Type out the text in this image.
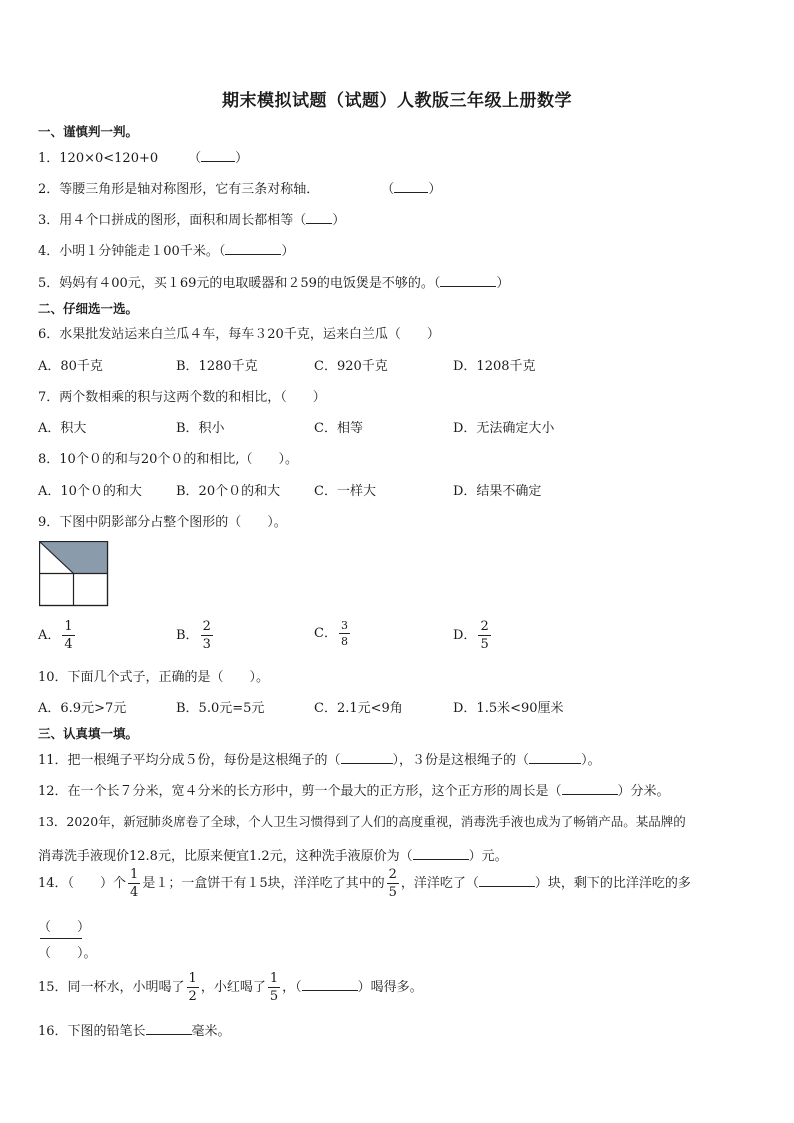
期末模拟试题（试题）人教版三年级上册数学
一、谨慎判一判。
1．120×0<120+0 （	）
2．等腰三角形是轴对称图形，它有三条对称轴．	（	）
3．用４个口拼成的图形，面积和周长都相等（ ）
4．小明１分钟能走１00千米。（	）
5．妈妈有４00元，买１69元的电取暖器和２59的电饭煲是不够的。（	）
二、仔细选一选。
6．水果批发站运来白兰瓜４车，每车３20千克，运来白兰瓜（　　）
A．80千克	B．1280千克	C．920千克	D．1208千克
7．两个数相乘的积与这两个数的和相比，（　　）
A．积大	B．积小	C．相等	D．无法确定大小
8．10个０的和与20个０的和相比,（　　）。
A．10个０的和大	B．20个０的和大	C．一样大	D．结果不确定
9．下图中阴影部分占整个图形的（　　）。
A． $\frac{1}{4}$	B． $\frac{2}{3}$	C． $\frac{3}{8}$	D． $\frac{2}{5}$
10．下面几个式子，正确的是（　　）。
A．6.9元>7元	B．5.0元=5元	C．2.1元<9角	D．1.5米<90厘米
三、认真填一填。
11．把一根绳子平均分成５份，每份是这根绳子的（	），３份是这根绳子的（	）。
12．在一个长７分米，宽４分米的长方形中，剪一个最大的正方形，这个正方形的周长是（	）分米。
13．2020年，新冠肺炎席卷了全球，个人卫生习惯得到了人们的高度重视，消毒洗手液也成为了畅销产品。某品牌的
消毒洗手液现价12.8元，比原来便宜1.2元，这种洗手液原价为（	）元。
14．（　　）个 $\frac{1}{4}$ 是１；一盒饼干有１5块，洋洋吃了其中的 $\frac{2}{5}$ ，洋洋吃了（	）块，剩下的比洋洋吃的多
（　　）
（　　）。
15．同一杯水，小明喝了 $\frac{1}{2}$ ，小红喝了 $\frac{1}{5}$ ，（	）喝得多。
16．下图的铅笔长	毫米。
